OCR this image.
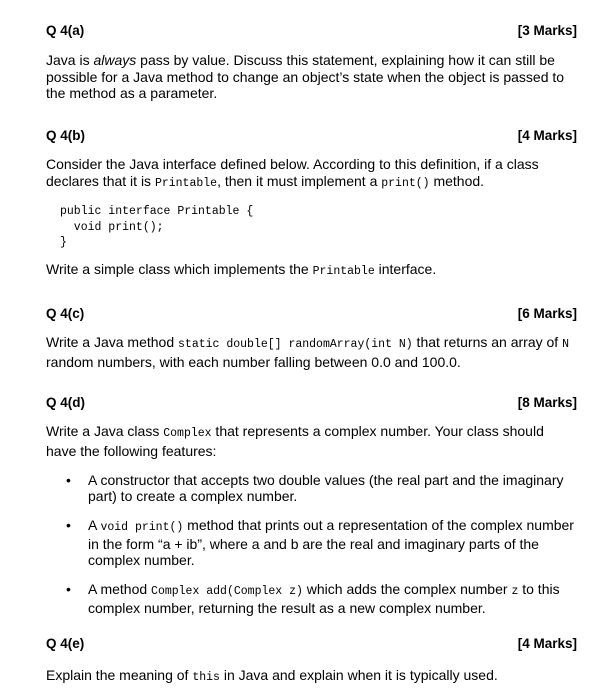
Q 4(a)	[3 Marks]

Java is always pass by value. Discuss this statement, explaining how it can still be possible for a Java method to change an object’s state when the object is passed to the method as a parameter.

Q 4(b)	[4 Marks]

Consider the Java interface defined below. According to this definition, if a class declares that it is Printable, then it must implement a print() method.

public interface Printable {
void print();
}

Write a simple class which implements the Printable interface.

Q 4(c)	[6 Marks]

Write a Java method static double[] randomArray(int N) that returns an array of N random numbers, with each number falling between 0.0 and 100.0.

Q 4(d)	[8 Marks]

Write a Java class Complex that represents a complex number. Your class should have the following features:

• A constructor that accepts two double values (the real part and the imaginary part) to create a complex number.
• A void print() method that prints out a representation of the complex number in the form “a + ib”, where a and b are the real and imaginary parts of the complex number.
• A method Complex add(Complex z) which adds the complex number z to this complex number, returning the result as a new complex number.
Q 4(e)	[4 Marks]

Explain the meaning of this in Java and explain when it is typically used.
